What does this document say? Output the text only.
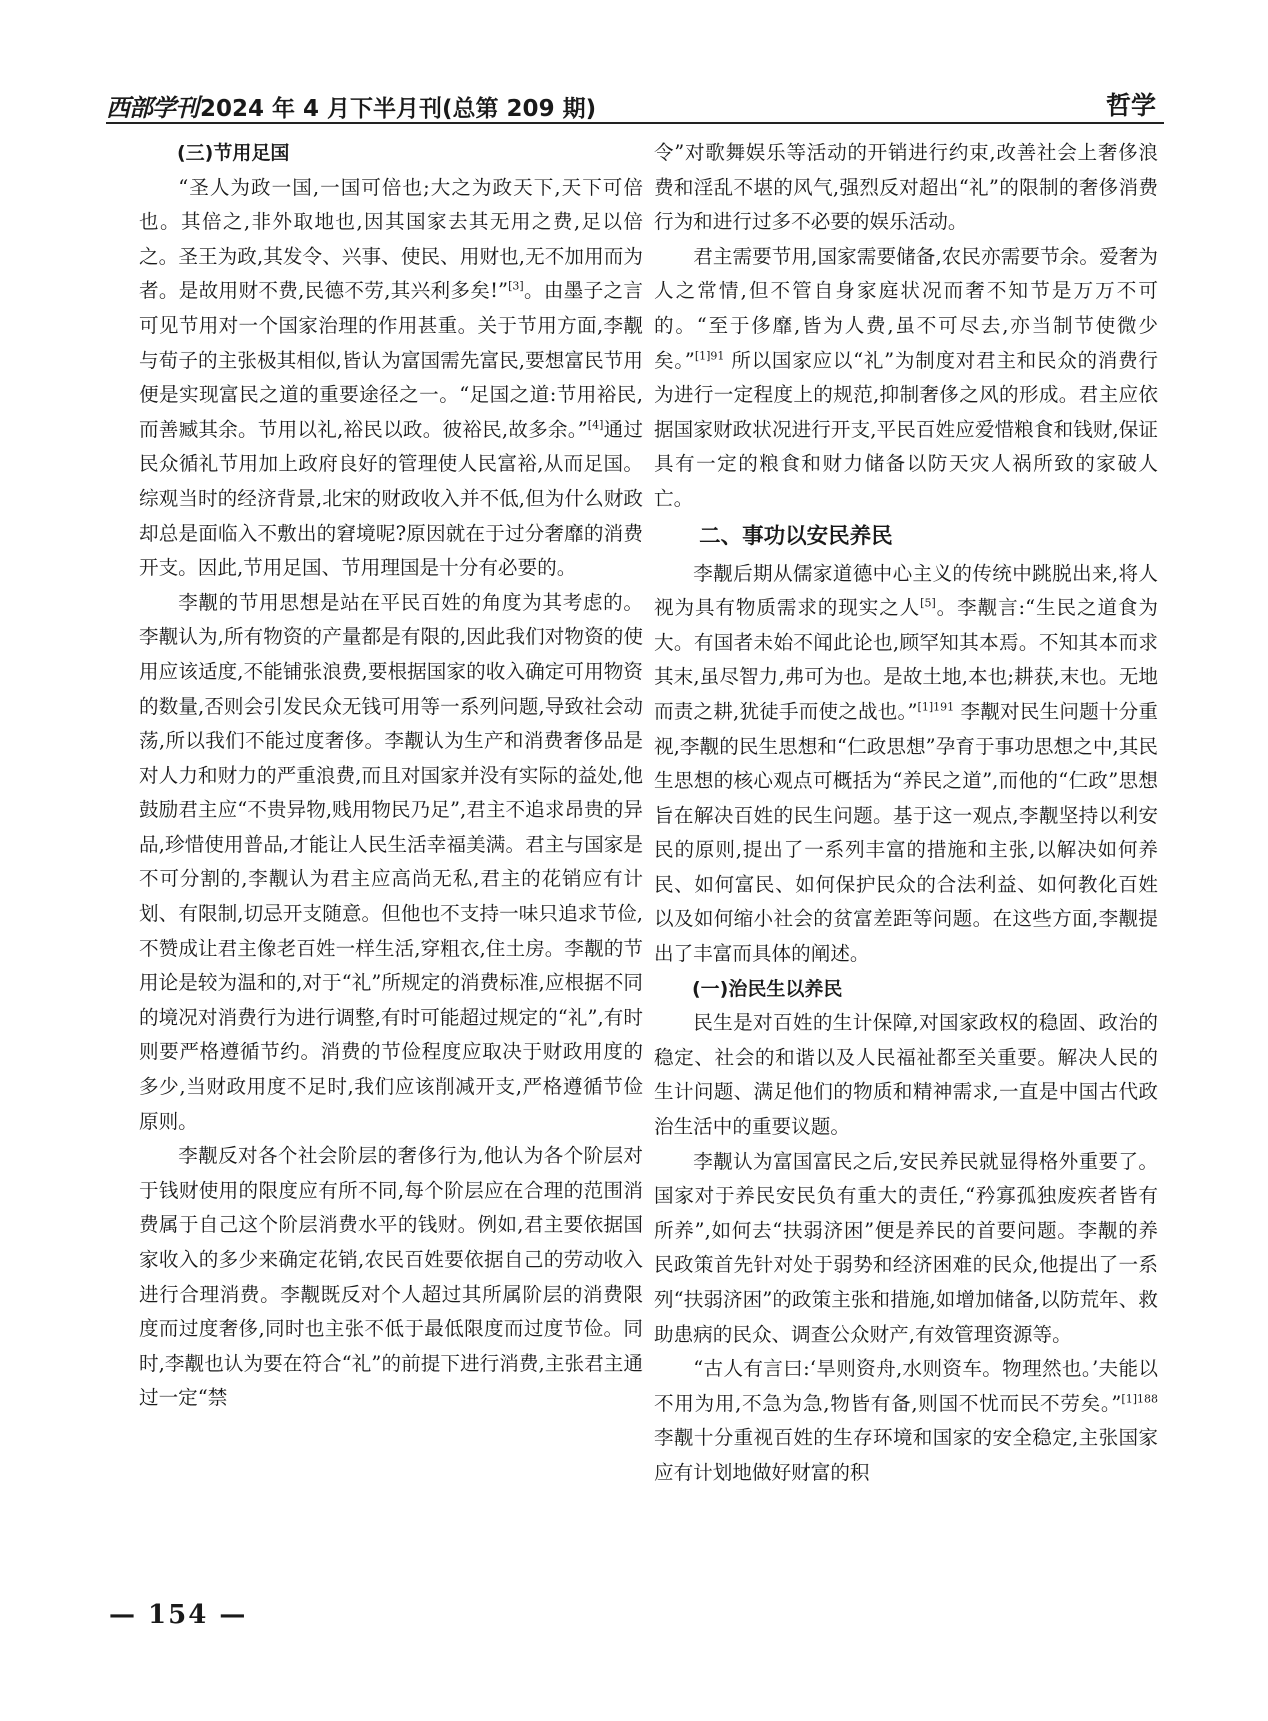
西部学刊2024 年 4 月下半月刊(总第 209 期)	哲学
(三)节用足国

“圣人为政一国,一国可倍也;大之为政天下,天下可倍也。其倍之,非外取地也,因其国家去其无用之费,足以倍之。圣王为政,其发令、兴事、使民、用财也,无不加用而为者。是故用财不费,民德不劳,其兴利多矣!”[3]。由墨子之言可见节用对一个国家治理的作用甚重。关于节用方面,李觏与荀子的主张极其相似,皆认为富国需先富民,要想富民节用便是实现富民之道的重要途径之一。“足国之道:节用裕民,而善臧其余。节用以礼,裕民以政。彼裕民,故多余。”[4]通过民众循礼节用加上政府良好的管理使人民富裕,从而足国。综观当时的经济背景,北宋的财政收入并不低,但为什么财政却总是面临入不敷出的窘境呢?原因就在于过分奢靡的消费开支。因此,节用足国、节用理国是十分有必要的。

李觏的节用思想是站在平民百姓的角度为其考虑的。李觏认为,所有物资的产量都是有限的,因此我们对物资的使用应该适度,不能铺张浪费,要根据国家的收入确定可用物资的数量,否则会引发民众无钱可用等一系列问题,导致社会动荡,所以我们不能过度奢侈。李觏认为生产和消费奢侈品是对人力和财力的严重浪费,而且对国家并没有实际的益处,他鼓励君主应“不贵异物,贱用物民乃足”,君主不追求昂贵的异品,珍惜使用普品,才能让人民生活幸福美满。君主与国家是不可分割的,李觏认为君主应高尚无私,君主的花销应有计划、有限制,切忌开支随意。但他也不支持一味只追求节俭,不赞成让君主像老百姓一样生活,穿粗衣,住土房。李觏的节用论是较为温和的,对于“礼”所规定的消费标准,应根据不同的境况对消费行为进行调整,有时可能超过规定的“礼”,有时则要严格遵循节约。消费的节俭程度应取决于财政用度的多少,当财政用度不足时,我们应该削减开支,严格遵循节俭原则。

李觏反对各个社会阶层的奢侈行为,他认为各个阶层对于钱财使用的限度应有所不同,每个阶层应在合理的范围消费属于自己这个阶层消费水平的钱财。例如,君主要依据国家收入的多少来确定花销,农民百姓要依据自己的劳动收入进行合理消费。李觏既反对个人超过其所属阶层的消费限度而过度奢侈,同时也主张不低于最低限度而过度节俭。同时,李觏也认为要在符合“礼”的前提下进行消费,主张君主通过一定“禁

令”对歌舞娱乐等活动的开销进行约束,改善社会上奢侈浪费和淫乱不堪的风气,强烈反对超出“礼”的限制的奢侈消费行为和进行过多不必要的娱乐活动。

君主需要节用,国家需要储备,农民亦需要节余。爱奢为人之常情,但不管自身家庭状况而奢不知节是万万不可的。“至于侈靡,皆为人费,虽不可尽去,亦当制节使微少矣。”$^{[1]91}$ 所以国家应以“礼”为制度对君主和民众的消费行为进行一定程度上的规范,抑制奢侈之风的形成。君主应依据国家财政状况进行开支,平民百姓应爱惜粮食和钱财,保证具有一定的粮食和财力储备以防天灾人祸所致的家破人亡。

二、事功以安民养民

李觏后期从儒家道德中心主义的传统中跳脱出来,将人视为具有物质需求的现实之人[5]。李觏言:“生民之道食为大。有国者未始不闻此论也,顾罕知其本焉。不知其本而求其末,虽尽智力,弗可为也。是故土地,本也;耕获,末也。无地而责之耕,犹徒手而使之战也。”$^{[1]191}$ 李觏对民生问题十分重视,李觏的民生思想和“仁政思想”孕育于事功思想之中,其民生思想的核心观点可概括为“养民之道”,而他的“仁政”思想旨在解决百姓的民生问题。基于这一观点,李觏坚持以利安民的原则,提出了一系列丰富的措施和主张,以解决如何养民、如何富民、如何保护民众的合法利益、如何教化百姓以及如何缩小社会的贫富差距等问题。在这些方面,李觏提出了丰富而具体的阐述。

(一)治民生以养民

民生是对百姓的生计保障,对国家政权的稳固、政治的稳定、社会的和谐以及人民福祉都至关重要。解决人民的生计问题、满足他们的物质和精神需求,一直是中国古代政治生活中的重要议题。

李觏认为富国富民之后,安民养民就显得格外重要了。国家对于养民安民负有重大的责任,“矜寡孤独废疾者皆有所养”,如何去“扶弱济困”便是养民的首要问题。李觏的养民政策首先针对处于弱势和经济困难的民众,他提出了一系列“扶弱济困”的政策主张和措施,如增加储备,以防荒年、救助患病的民众、调查公众财产,有效管理资源等。

“古人有言曰:‘旱则资舟,水则资车。物理然也。’夫能以不用为用,不急为急,物皆有备,则国不忧而民不劳矣。”$^{[1]188}$ 李觏十分重视百姓的生存环境和国家的安全稳定,主张国家应有计划地做好财富的积

— 154 —
